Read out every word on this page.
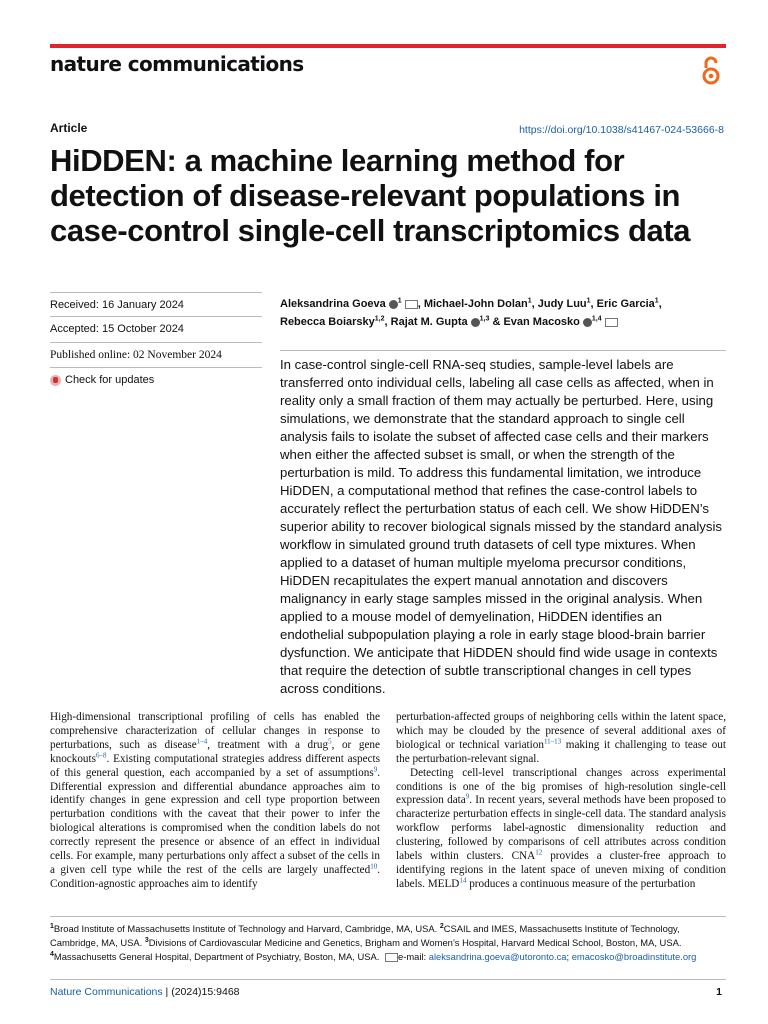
nature communications
Article	https://doi.org/10.1038/s41467-024-53666-8
HiDDEN: a machine learning method for detection of disease-relevant populations in case-control single-cell transcriptomics data
Received: 16 January 2024
Accepted: 15 October 2024
Published online: 02 November 2024
Check for updates
Aleksandrina Goeva $^1$ , Michael-John Dolan$^1$, Judy Luu$^1$, Eric Garcia$^1$,
Rebecca Boiarsky$^{1,2}$, Rajat M. Gupta $^{1,3}$ & Evan Macosko $^{1,4}$

In case-control single-cell RNA-seq studies, sample-level labels are transferred onto individual cells, labeling all case cells as affected, when in reality only a small fraction of them may actually be perturbed. Here, using simulations, we demonstrate that the standard approach to single cell analysis fails to isolate the subset of affected case cells and their markers when either the affected subset is small, or when the strength of the perturbation is mild. To address this fundamental limitation, we introduce HiDDEN, a computational method that refines the case-control labels to accurately reflect the perturbation status of each cell. We show HiDDEN’s superior ability to recover biological signals missed by the standard analysis workflow in simulated ground truth datasets of cell type mixtures. When applied to a dataset of human multiple myeloma precursor conditions, HiDDEN recapitulates the expert manual annotation and discovers malignancy in early stage samples missed in the original analysis. When applied to a mouse model of demyelination, HiDDEN identifies an endothelial subpopulation playing a role in early stage blood-brain barrier dysfunction. We anticipate that HiDDEN should find wide usage in contexts that require the detection of subtle transcriptional changes in cell types across conditions.

High-dimensional transcriptional profiling of cells has enabled the comprehensive characterization of cellular changes in response to perturbations, such as disease$^{1-4}$, treatment with a drug$^5$, or gene knockouts$^{6-8}$. Existing computational strategies address different aspects of this general question, each accompanied by a set of assumptions$^9$. Differential expression and differential abundance approaches aim to identify changes in gene expression and cell type proportion between perturbation conditions with the caveat that their power to infer the biological alterations is compromised when the condition labels do not correctly represent the presence or absence of an effect in individual cells. For example, many perturbations only affect a subset of the cells in a given cell type while the rest of the cells are largely unaffected$^{10}$. Condition-agnostic approaches aim to identify

perturbation-affected groups of neighboring cells within the latent space, which may be clouded by the presence of several additional axes of biological or technical variation$^{11-13}$ making it challenging to tease out the perturbation-relevant signal.

Detecting cell-level transcriptional changes across experimental conditions is one of the big promises of high-resolution single-cell expression data$^9$. In recent years, several methods have been proposed to characterize perturbation effects in single-cell data. The standard analysis workflow performs label-agnostic dimensionality reduction and clustering, followed by comparisons of cell attributes across condition labels within clusters. CNA$^{12}$ provides a cluster-free approach to identifying regions in the latent space of uneven mixing of condition labels. MELD$^{14}$ produces a continuous measure of the perturbation

$^1$Broad Institute of Massachusetts Institute of Technology and Harvard, Cambridge, MA, USA. $^2$CSAIL and IMES, Massachusetts Institute of Technology, Cambridge, MA, USA. $^3$Divisions of Cardiovascular Medicine and Genetics, Brigham and Women’s Hospital, Harvard Medical School, Boston, MA, USA.
$^4$Massachusetts General Hospital, Department of Psychiatry, Boston, MA, USA. e-mail: aleksandrina.goeva@utoronto.ca; emacosko@broadinstitute.org
Nature Communications | (2024)15:9468	1
